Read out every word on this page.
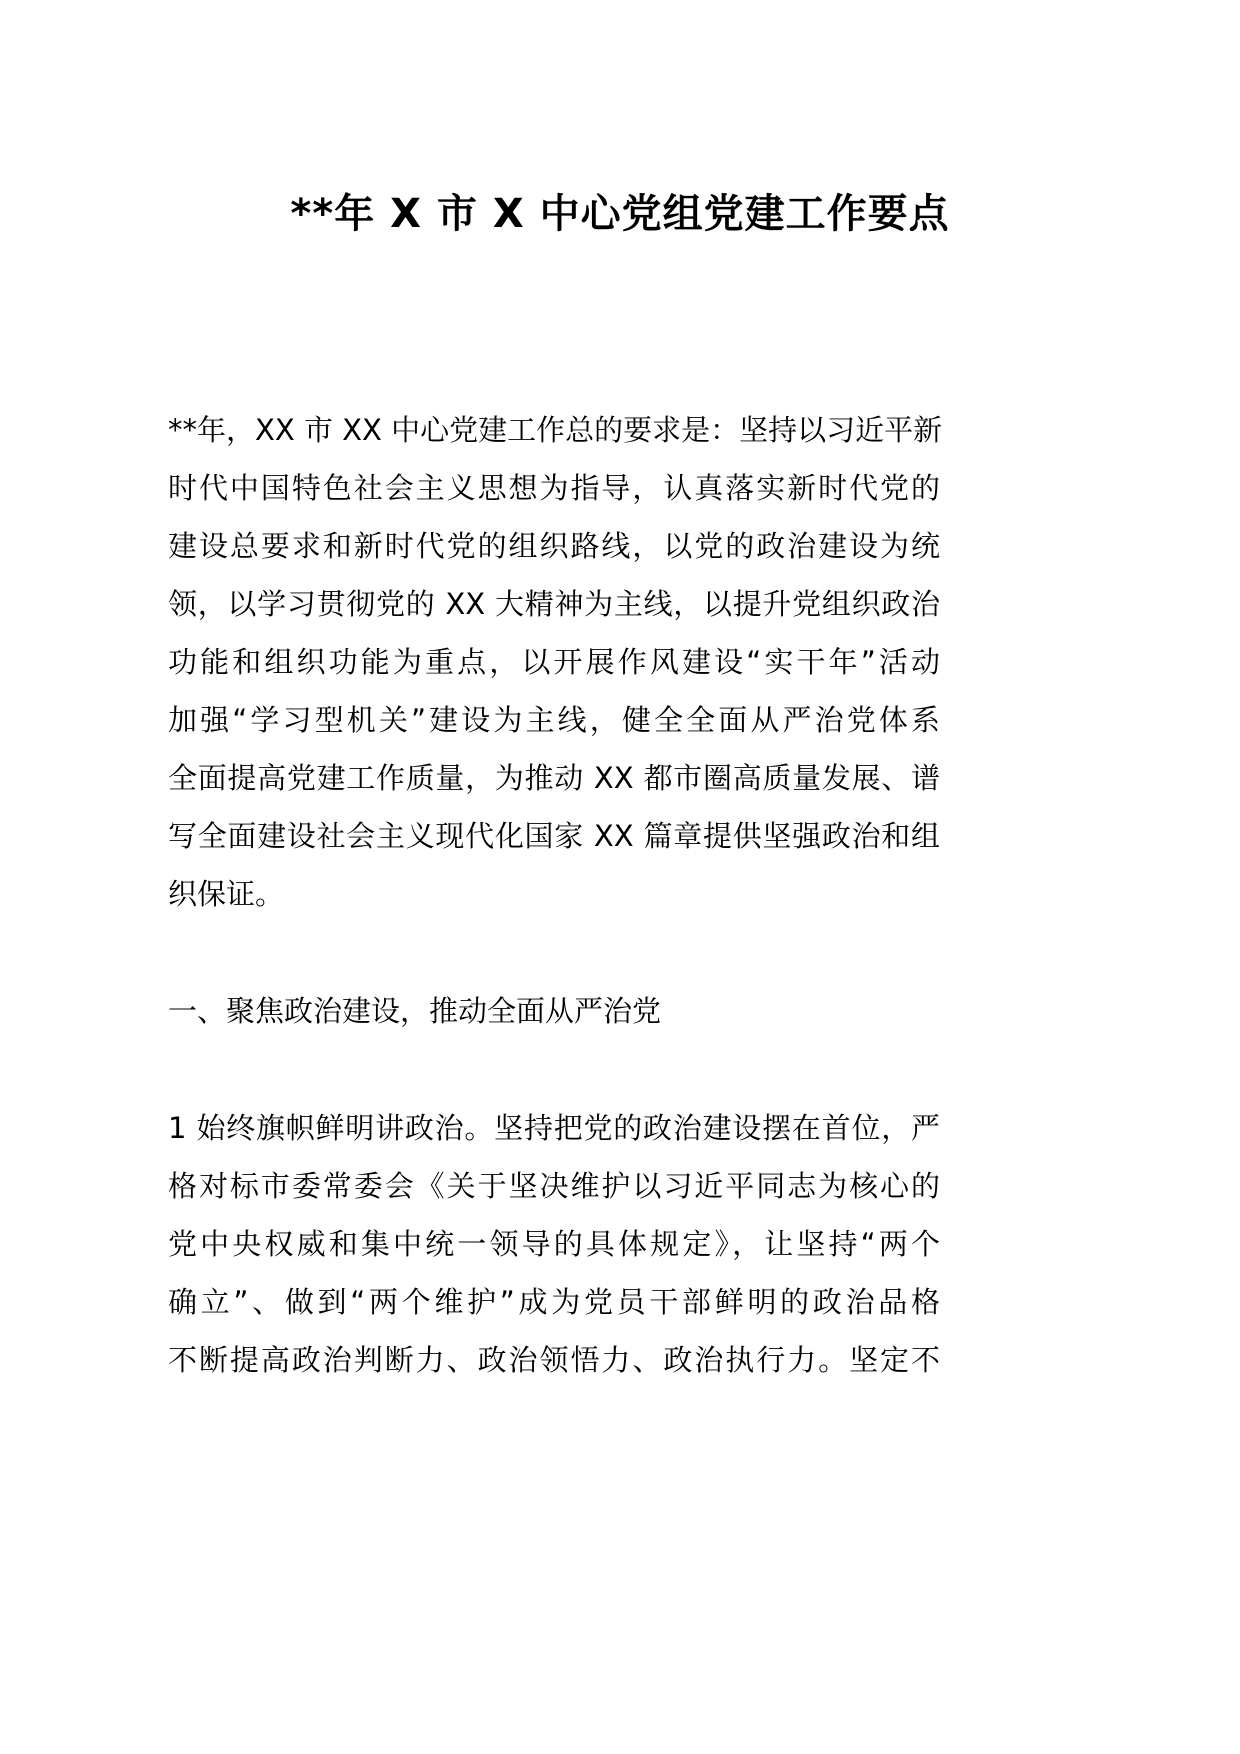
**年 X 市 X 中心党组党建工作要点
**年，XX 市 XX 中心党建工作总的要求是：坚持以习近平新
时代中国特色社会主义思想为指导，认真落实新时代党的
建设总要求和新时代党的组织路线，以党的政治建设为统
领，以学习贯彻党的 XX 大精神为主线，以提升党组织政治
功能和组织功能为重点，以开展作风建设“实干年”活动
加强“学习型机关”建设为主线，健全全面从严治党体系
全面提高党建工作质量，为推动 XX 都市圈高质量发展、谱
写全面建设社会主义现代化国家 XX 篇章提供坚强政治和组
织保证。
一、聚焦政治建设，推动全面从严治党
1 始终旗帜鲜明讲政治。坚持把党的政治建设摆在首位，严
格对标市委常委会《关于坚决维护以习近平同志为核心的
党中央权威和集中统一领导的具体规定》，让坚持“两个
确立”、做到“两个维护”成为党员干部鲜明的政治品格
不断提高政治判断力、政治领悟力、政治执行力。坚定不
